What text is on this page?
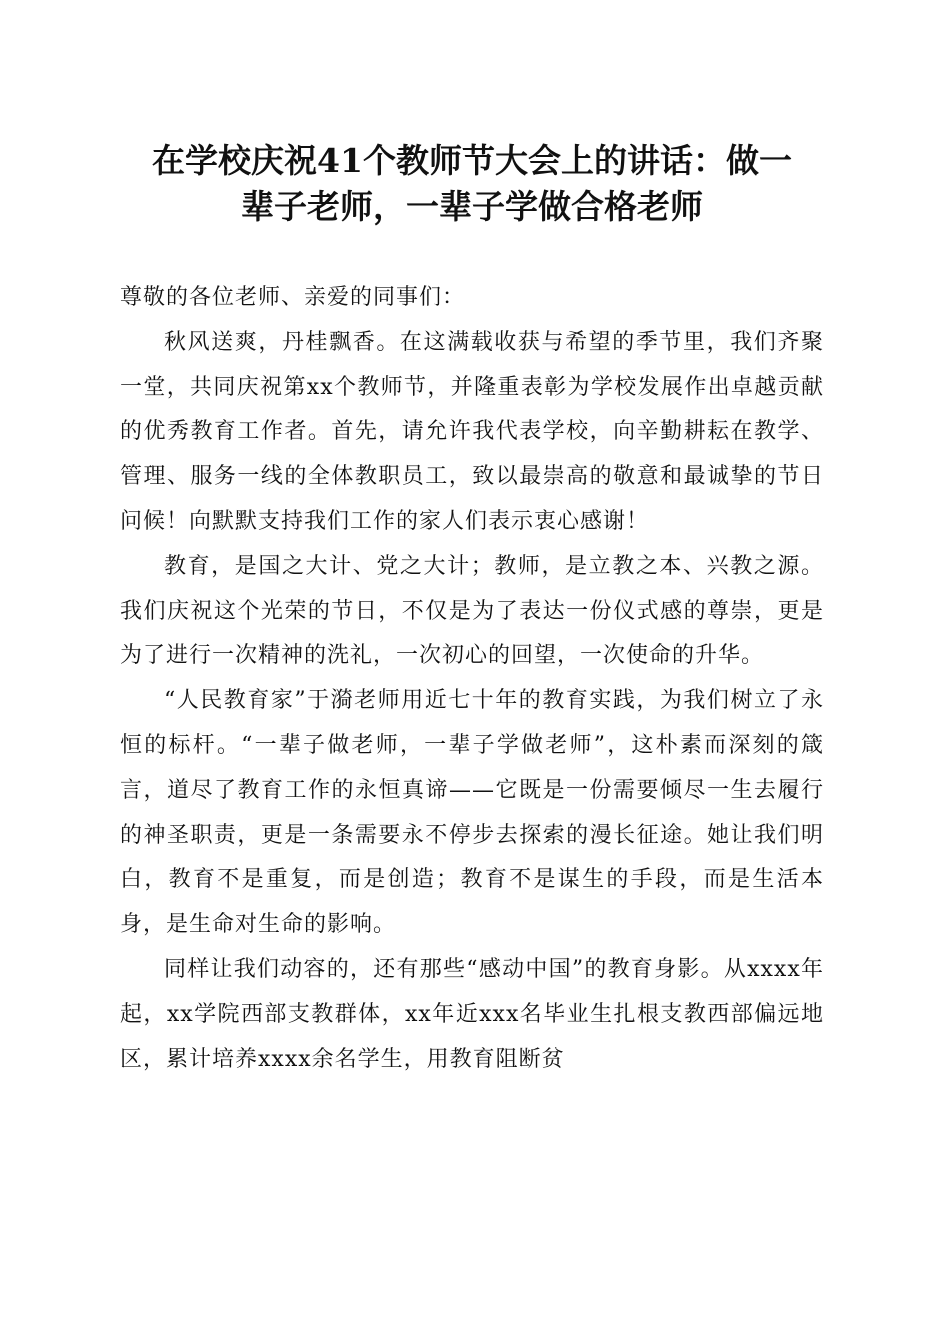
在学校庆祝41个教师节大会上的讲话：做一
辈子老师，一辈子学做合格老师

尊敬的各位老师、亲爱的同事们：

秋风送爽，丹桂飘香。在这满载收获与希望的季节里，我们齐聚一堂，共同庆祝第xx个教师节，并隆重表彰为学校发展作出卓越贡献的优秀教育工作者。首先，请允许我代表学校，向辛勤耕耘在教学、管理、服务一线的全体教职员工，致以最崇高的敬意和最诚挚的节日问候！向默默支持我们工作的家人们表示衷心感谢！

教育，是国之大计、党之大计；教师，是立教之本、兴教之源。我们庆祝这个光荣的节日，不仅是为了表达一份仪式感的尊崇，更是为了进行一次精神的洗礼，一次初心的回望，一次使命的升华。

“人民教育家”于漪老师用近七十年的教育实践，为我们树立了永恒的标杆。“一辈子做老师，一辈子学做老师”，这朴素而深刻的箴言，道尽了教育工作的永恒真谛——它既是一份需要倾尽一生去履行的神圣职责，更是一条需要永不停步去探索的漫长征途。她让我们明白，教育不是重复，而是创造；教育不是谋生的手段，而是生活本身，是生命对生命的影响。

同样让我们动容的，还有那些“感动中国”的教育身影。从xxxx年起，xx学院西部支教群体，xx年近xxx名毕业生扎根支教西部偏远地区，累计培养xxxx余名学生，用教育阻断贫
